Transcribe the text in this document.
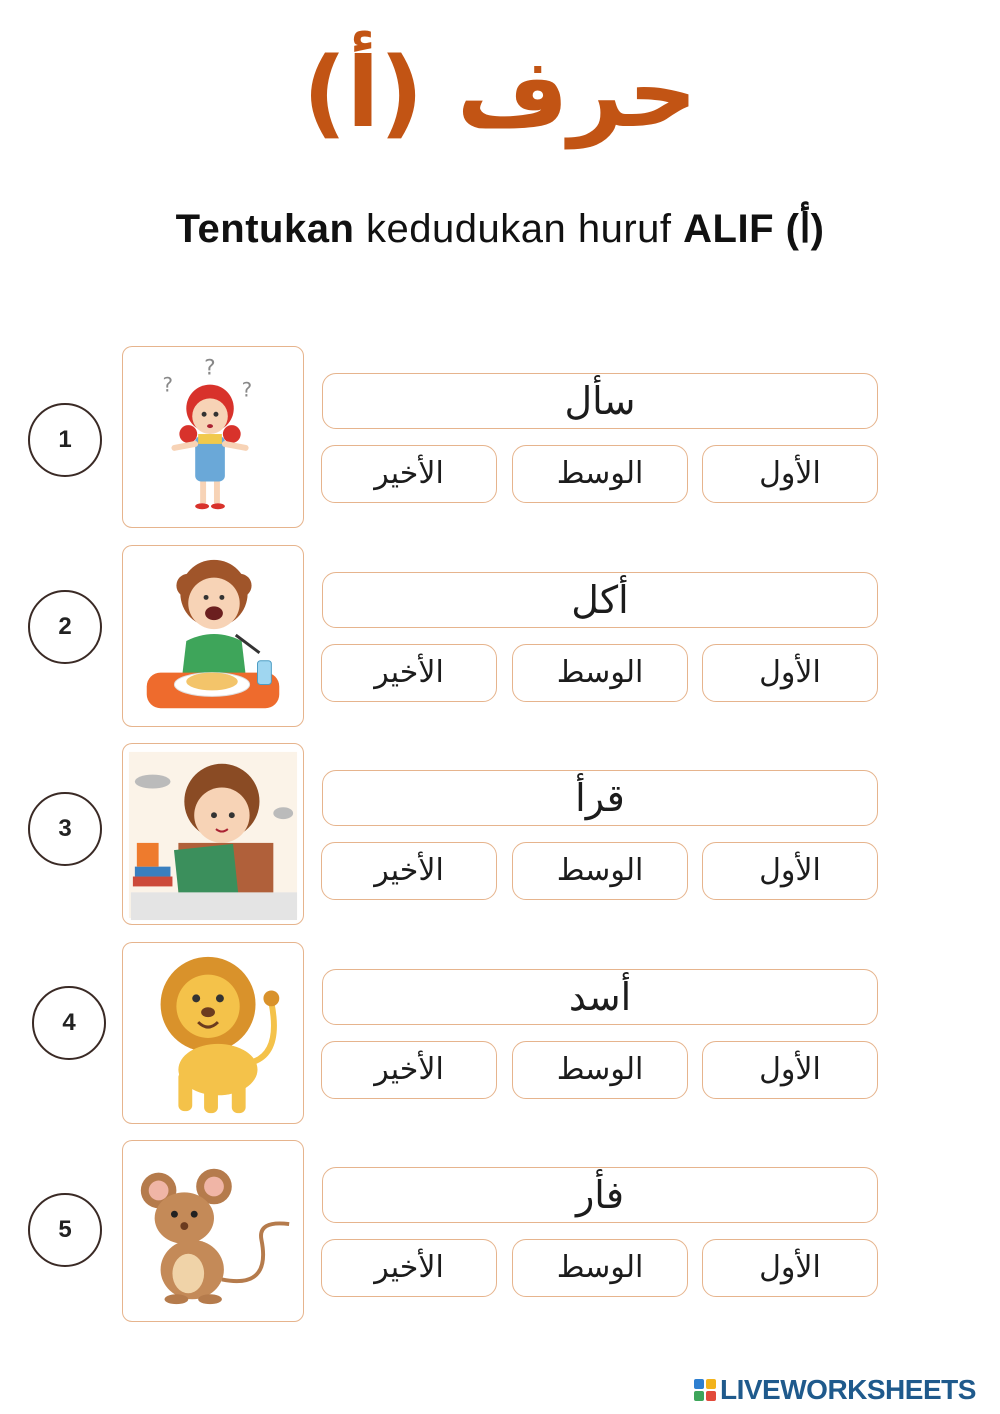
حرف (أ)
Tentukan kedudukan huruf ALIF (أ)
1
?
?
?	سأل
الأول
الوسط
الأخير
2
أكل
الأول
الوسط
الأخير
3
قرأ
الأول
الوسط
الأخير
4
أسد
الأول
الوسط
الأخير
5
فأر
الأول
الوسط
الأخير
LIVEWORKSHEETS
